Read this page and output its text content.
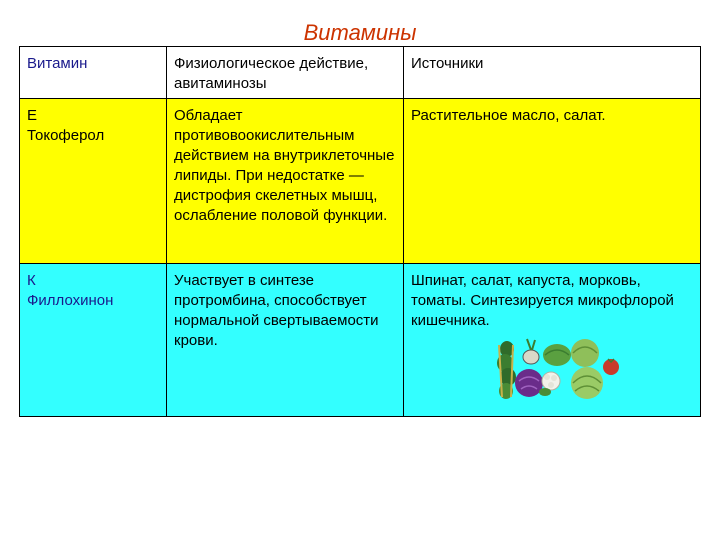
Витамины
Витамин	Физиологическое действие, авитаминозы	Источники

Е
Токоферол	Обладает противовоокислительным действием на внутриклеточные липиды. При недостатке — дистрофия скелетных мышц, ослабление половой функции.	Растительное масло, салат.

К
Филлохинон	Участвует в синтезе протромбина, способствует нормальной свертываемости крови.	Шпинат, салат, капуста, морковь, томаты. Синтезируется микрофлорой кишечника.
